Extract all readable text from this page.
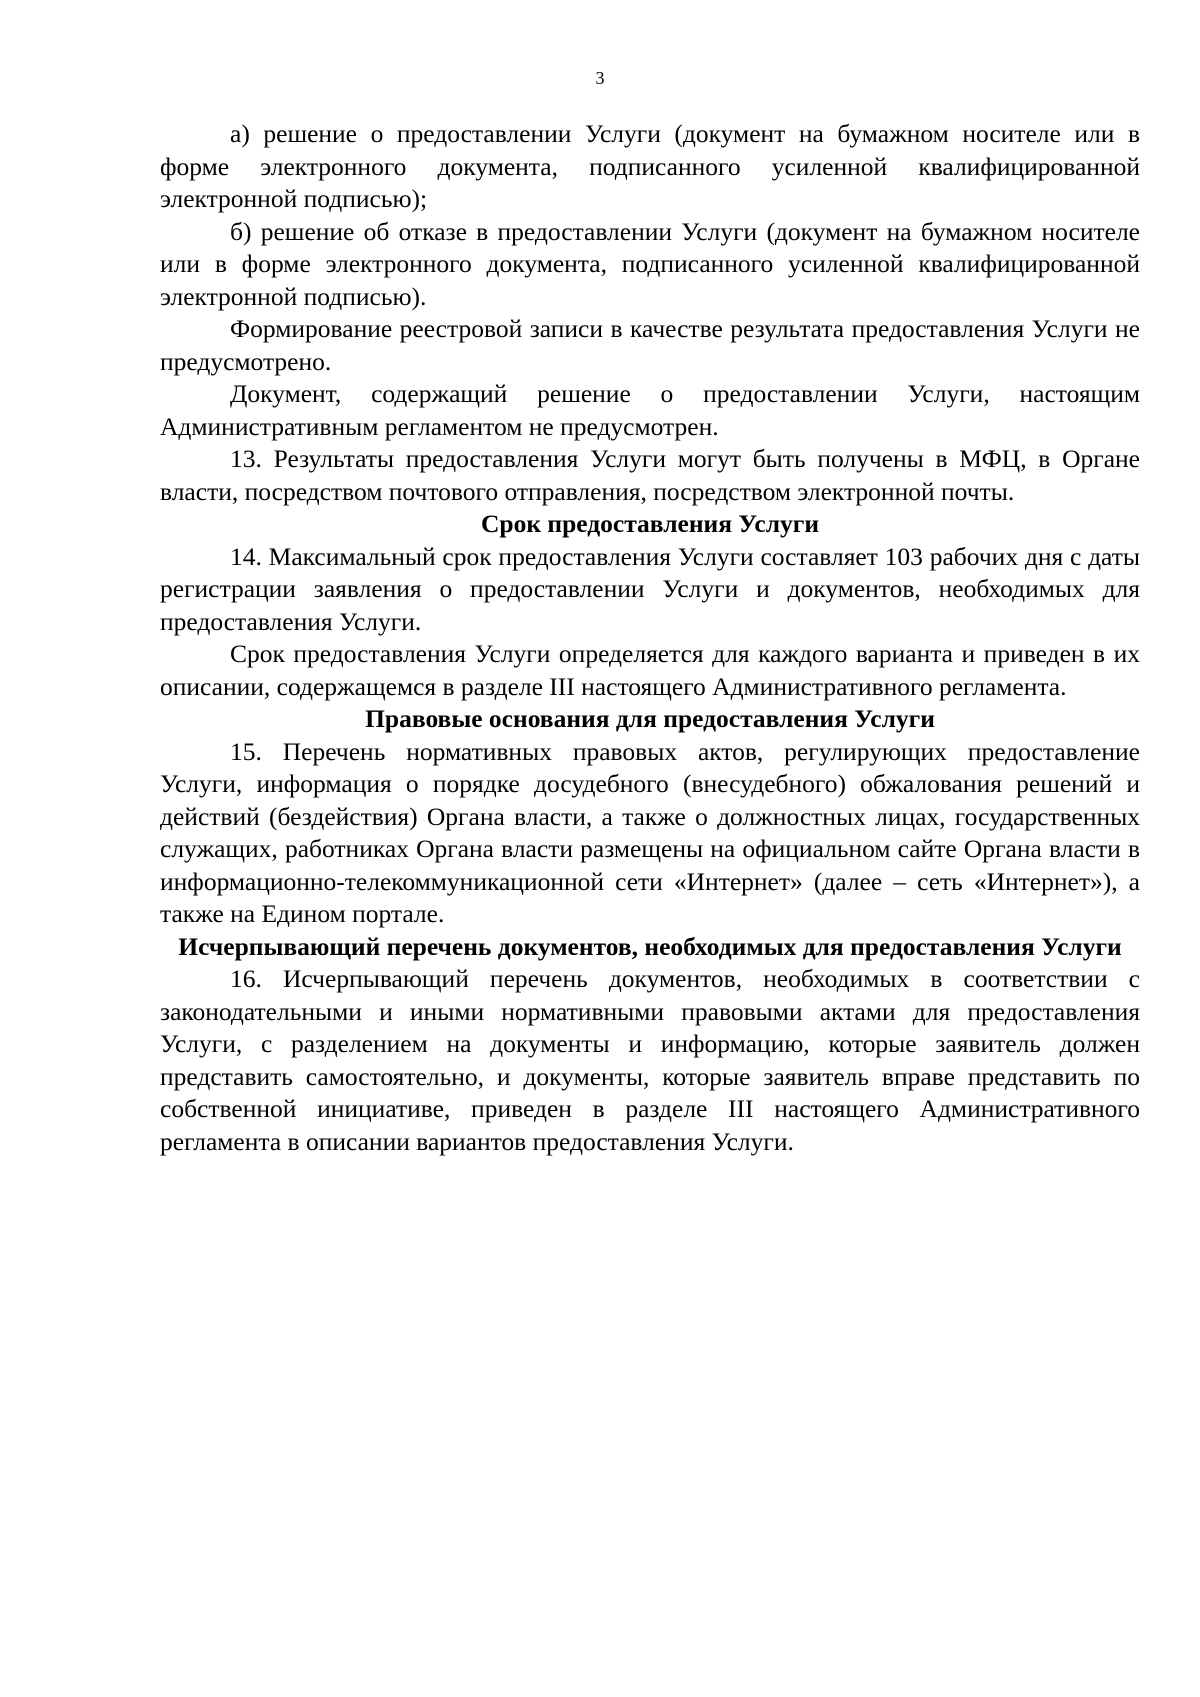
3

а) решение о предоставлении Услуги (документ на бумажном носителе или в форме электронного документа, подписанного усиленной квалифицированной электронной подписью);

б) решение об отказе в предоставлении Услуги (документ на бумажном носителе или в форме электронного документа, подписанного усиленной квалифицированной электронной подписью).

Формирование реестровой записи в качестве результата предоставления Услуги не предусмотрено.

Документ, содержащий решение о предоставлении Услуги, настоящим Административным регламентом не предусмотрен.

13. Результаты предоставления Услуги могут быть получены в МФЦ, в Органе власти, посредством почтового отправления, посредством электронной почты.

Срок предоставления Услуги

14. Максимальный срок предоставления Услуги составляет 103 рабочих дня с даты регистрации заявления о предоставлении Услуги и документов, необходимых для предоставления Услуги.

Срок предоставления Услуги определяется для каждого варианта и приведен в их описании, содержащемся в разделе III настоящего Административного регламента.

Правовые основания для предоставления Услуги

15. Перечень нормативных правовых актов, регулирующих предоставление Услуги, информация о порядке досудебного (внесудебного) обжалования решений и действий (бездействия) Органа власти, а также о должностных лицах, государственных служащих, работниках Органа власти размещены на официальном сайте Органа власти в информационно-телекоммуникационной сети «Интернет» (далее – сеть «Интернет»), а также на Едином портале.

Исчерпывающий перечень документов, необходимых для предоставления Услуги

16. Исчерпывающий перечень документов, необходимых в соответствии с законодательными и иными нормативными правовыми актами для предоставления Услуги, с разделением на документы и информацию, которые заявитель должен представить самостоятельно, и документы, которые заявитель вправе представить по собственной инициативе, приведен в разделе III настоящего Административного регламента в описании вариантов предоставления Услуги.
